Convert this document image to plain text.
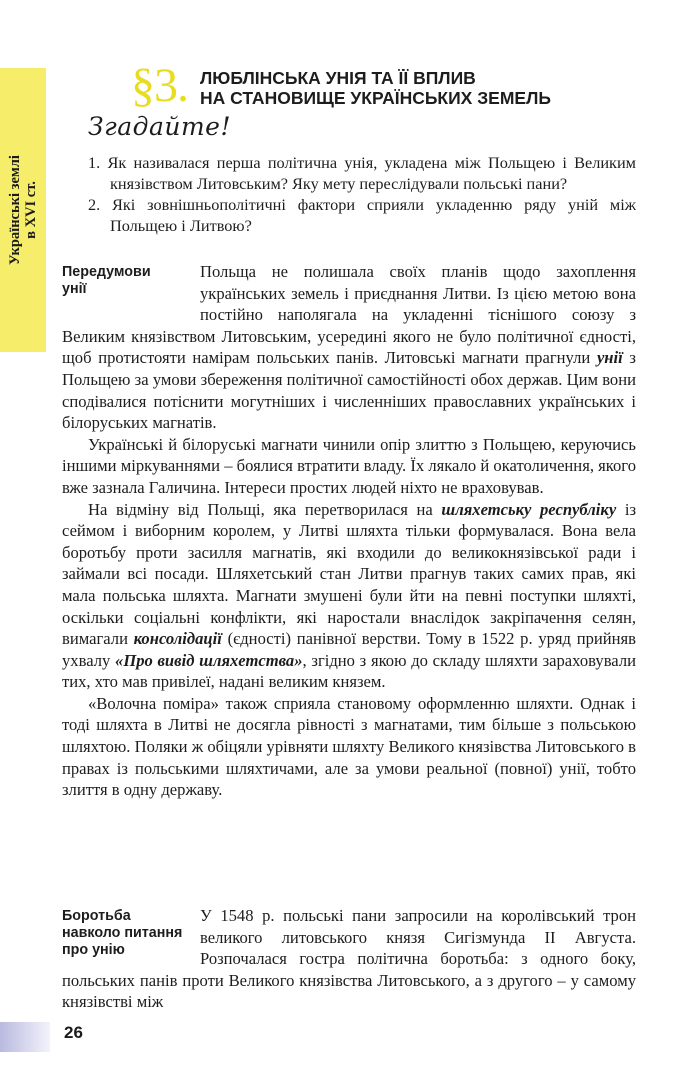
Українські землі в XVI ст.
§3. ЛЮБЛІНСЬКА УНІЯ ТА ЇЇ ВПЛИВ
НА СТАНОВИЩЕ УКРАЇНСЬКИХ ЗЕМЕЛЬ
Згадайте!
1. Як називалася перша політична унія, укладена між Польщею і Великим князівством Литовським? Яку мету переслідували польські пани?
2. Які зовнішньополітичні фактори сприяли укладенню ряду уній між Польщею і Литвою?
Передумови
унії

Польща не полишала своїх планів щодо захоплення українських земель і приєднання Литви. Із цією метою вона постійно наполягала на укладенні тіснішого союзу з Великим князівством Литовським, усередині якого не було політичної єдності, щоб протистояти намірам польських панів. Литовські магнати прагнули унії з Польщею за умови збереження політичної самостійності обох держав. Цим вони сподівалися потіснити могутніших і численніших православних українських і білоруських магнатів.

Українські й білоруські магнати чинили опір злиттю з Польщею, керуючись іншими міркуваннями – боялися втратити владу. Їх лякало й окатоличення, якого вже зазнала Галичина. Інтереси простих людей ніхто не враховував.

На відміну від Польщі, яка перетворилася на шляхетську республіку із сеймом і виборним королем, у Литві шляхта тільки формувалася. Вона вела боротьбу проти засилля магнатів, які входили до великокнязівської ради і займали всі посади. Шляхетський стан Литви прагнув таких самих прав, які мала польська шляхта. Магнати змушені були йти на певні поступки шляхті, оскільки соціальні конфлікти, які наростали внаслідок закріпачення селян, вимагали консолідації (єдності) панівної верстви. Тому в 1522 р. уряд прийняв ухвалу «Про вивід шляхетства», згідно з якою до складу шляхти зараховували тих, хто мав привілеї, надані великим князем.

«Волочна поміра» також сприяла становому оформленню шляхти. Однак і тоді шляхта в Литві не досягла рівності з магнатами, тим більше з польською шляхтою. Поляки ж обіцяли урівняти шляхту Великого князівства Литовського в правах із польськими шляхтичами, але за умови реальної (повної) унії, тобто злиття в одну державу.

Боротьба
навколо питання
про унію

У 1548 р. польські пани запросили на королівський трон великого литовського князя Сигізмунда II Августа. Розпочалася гостра політична боротьба: з одного боку, польських панів проти Великого князівства Литовського, а з другого – у самому князівстві між

26
